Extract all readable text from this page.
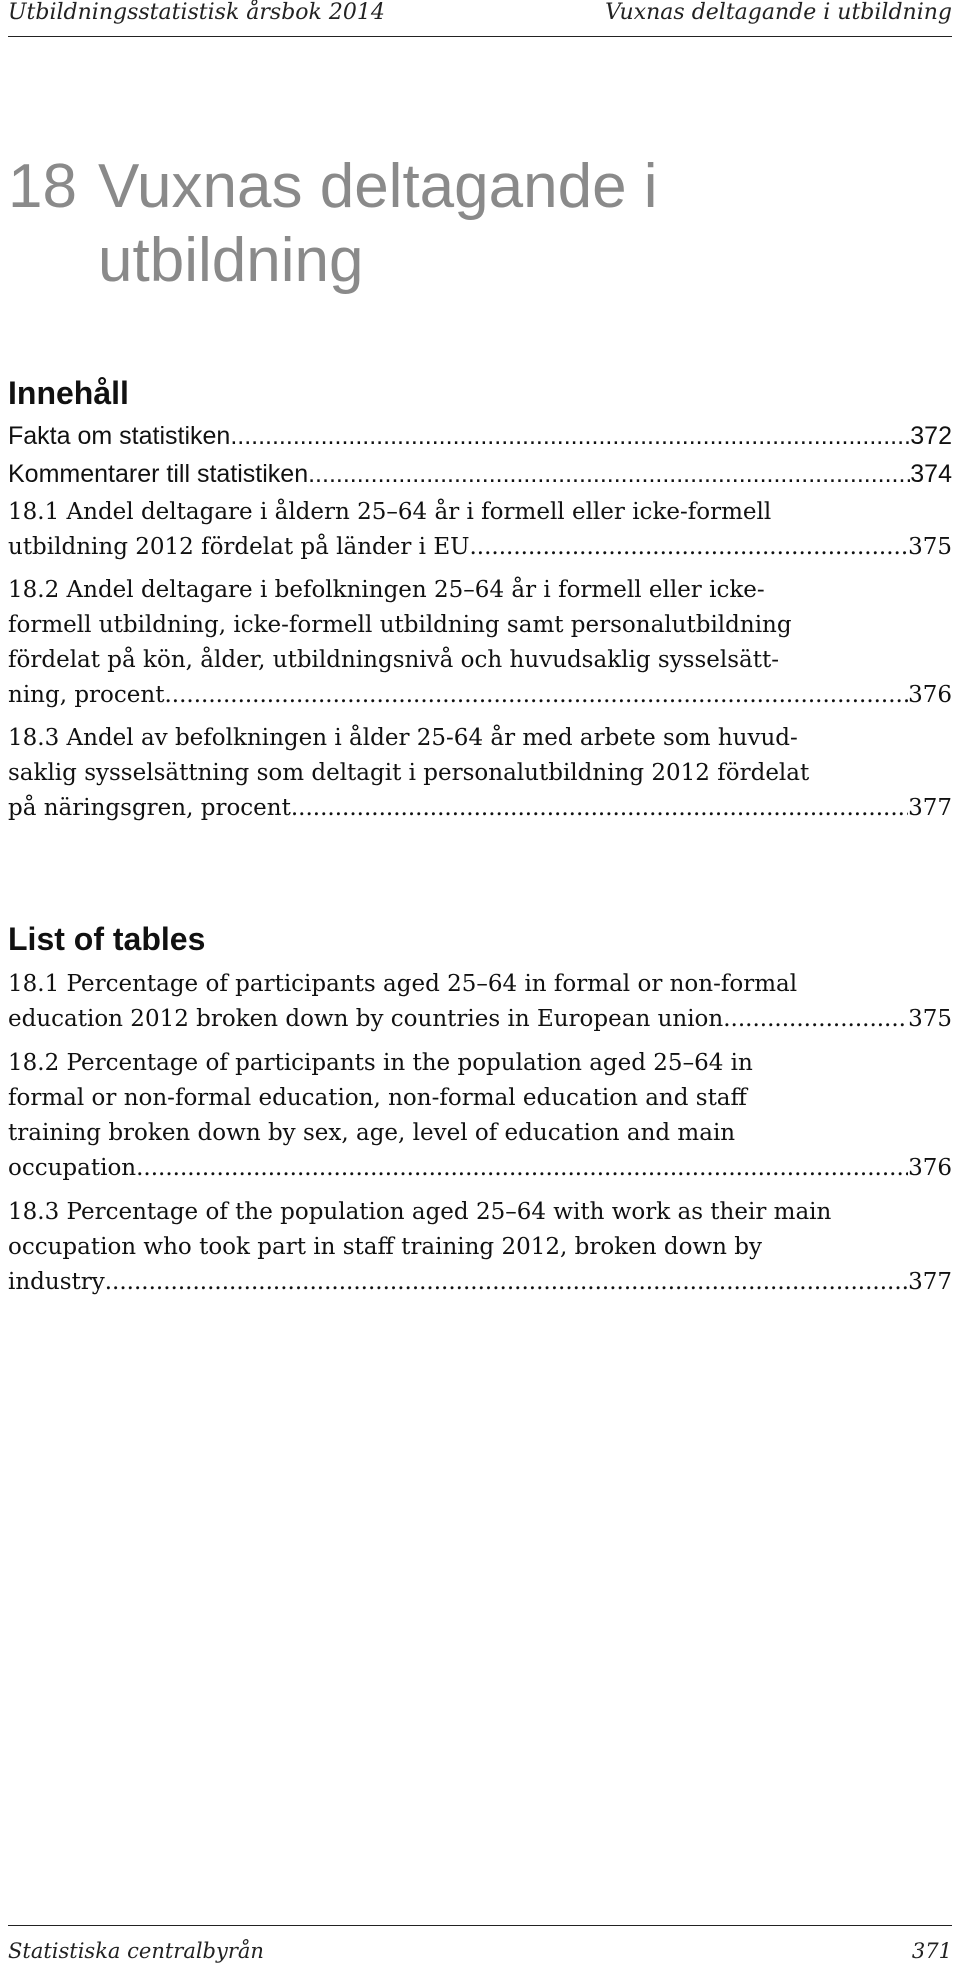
Utbildningsstatistisk årsbok 2014	Vuxnas deltagande i utbildning
18 Vuxnas deltagande i
utbildning
Innehåll
Fakta om statistiken .....	372
Kommentarer till statistiken .....	374
18.1 Andel deltagare i åldern 25–64 år i formell eller icke-formell
utbildning 2012 fördelat på länder i EU .....	375
18.2 Andel deltagare i befolkningen 25–64 år i formell eller icke-
formell utbildning, icke-formell utbildning samt personalutbildning
fördelat på kön, ålder, utbildningsnivå och huvudsaklig sysselsätt-
ning, procent .....	376
18.3 Andel av befolkningen i ålder 25-64 år med arbete som huvud-
saklig sysselsättning som deltagit i personalutbildning 2012 fördelat
på näringsgren, procent. .....	377
List of tables
18.1 Percentage of participants aged 25–64 in formal or non-formal
education 2012 broken down by countries in European union .....	375
18.2 Percentage of participants in the population aged 25–64 in
formal or non-formal education, non-formal education and staff
training broken down by sex, age, level of education and main
occupation .....	376
18.3 Percentage of the population aged 25–64 with work as their main
occupation who took part in staff training 2012, broken down by
industry .....	377
Statistiska centralbyrån	371
